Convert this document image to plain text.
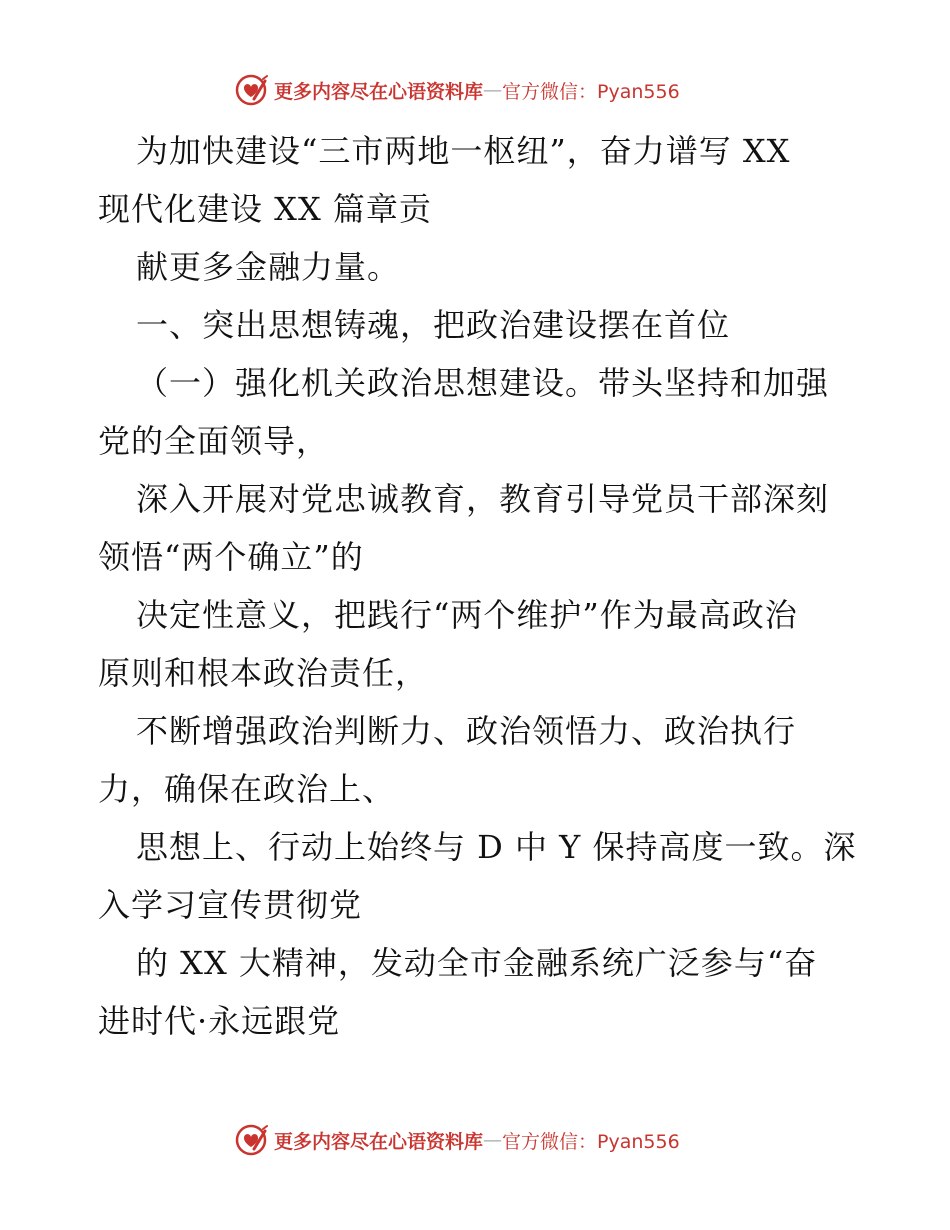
更多内容尽在心语资料库 — 官方微信：Pyan556
为加快建设“三市两地一枢纽”，奋力谱写 XX
现代化建设 XX 篇章贡
献更多金融力量。
一、突出思想铸魂，把政治建设摆在首位
（一）强化机关政治思想建设。带头坚持和加强
党的全面领导，
深入开展对党忠诚教育，教育引导党员干部深刻
领悟“两个确立”的
决定性意义，把践行“两个维护”作为最高政治
原则和根本政治责任，
不断增强政治判断力、政治领悟力、政治执行
力，确保在政治上、
思想上、行动上始终与 D 中 Y 保持高度一致。深
入学习宣传贯彻党
的 XX 大精神，发动全市金融系统广泛参与“奋
进时代·永远跟党
更多内容尽在心语资料库 — 官方微信：Pyan556
